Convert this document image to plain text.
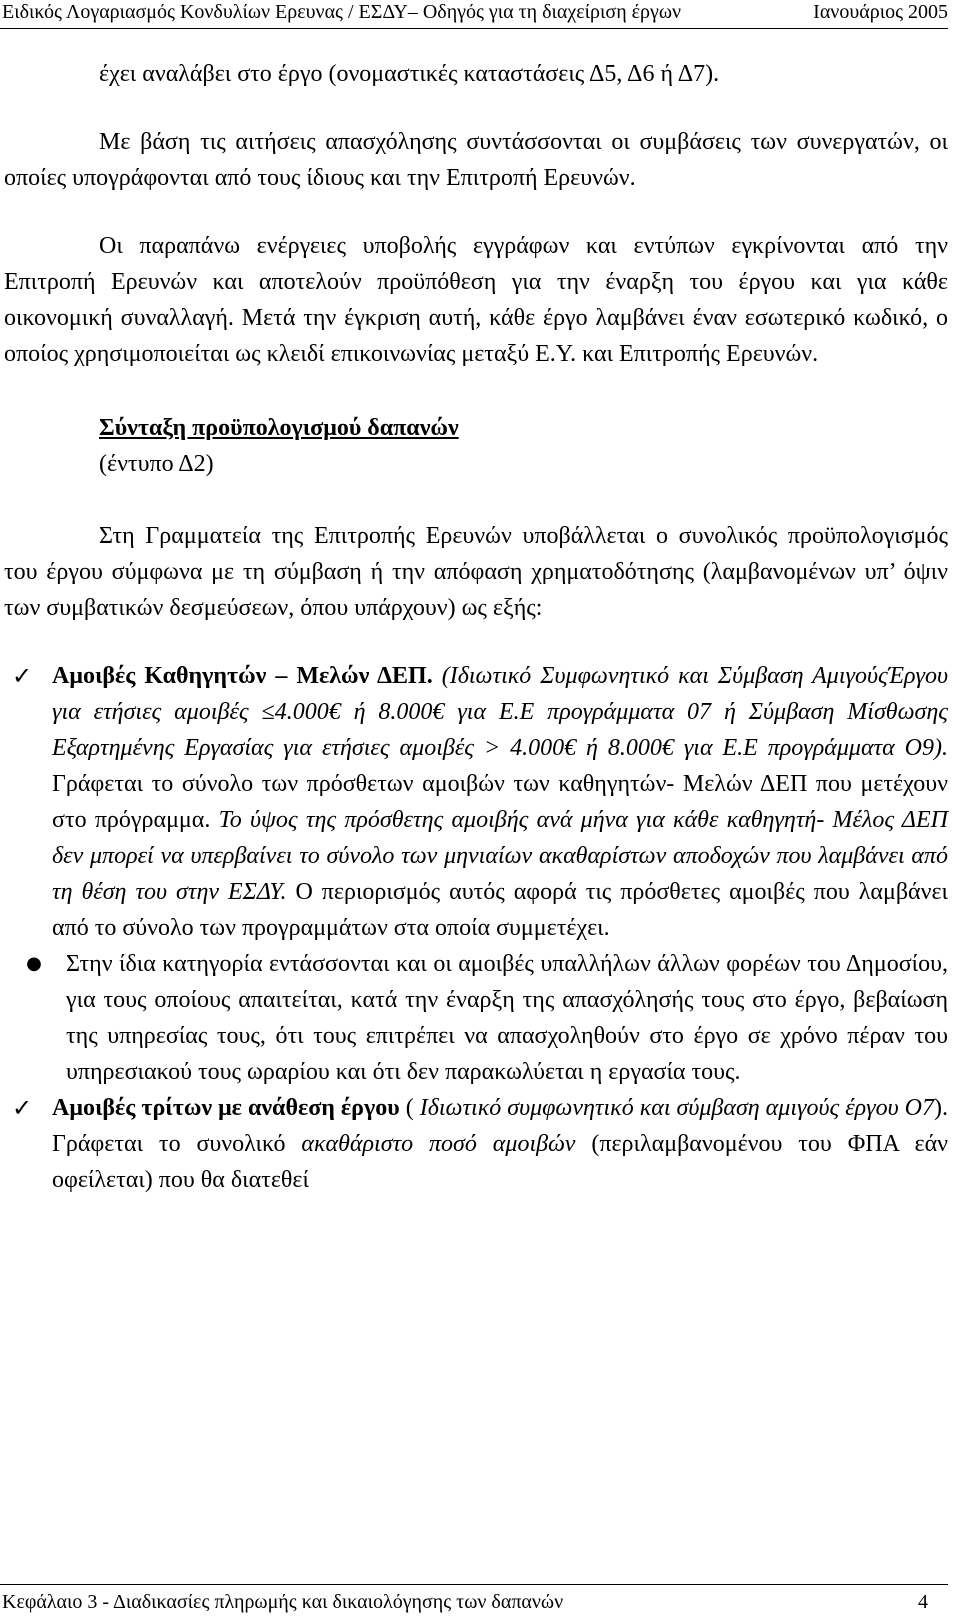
Ειδικός Λογαριασμός Κονδυλίων Ερευνας / ΕΣΔΥ– Οδηγός για τη διαχείριση έργων	Ιανουάριος 2005

έχει αναλάβει στο έργο (ονομαστικές καταστάσεις Δ5, Δ6 ή Δ7).

Με βάση τις αιτήσεις απασχόλησης συντάσσονται οι συμβάσεις των συνεργατών, οι οποίες υπογράφονται από τους ίδιους και την Επιτροπή Ερευνών.

Οι παραπάνω ενέργειες υποβολής εγγράφων και εντύπων εγκρίνονται από την Επιτροπή Ερευνών και αποτελούν προϋπόθεση για την έναρξη του έργου και για κάθε οικονομική συναλλαγή. Μετά την έγκριση αυτή, κάθε έργο λαμβάνει έναν εσωτερικό κωδικό, ο οποίος χρησιμοποιείται ως κλειδί επικοινωνίας μεταξύ Ε.Υ. και Επιτροπής Ερευνών.

Σύνταξη προϋπολογισμού δαπανών
(έντυπο Δ2)

Στη Γραμματεία της Επιτροπής Ερευνών υποβάλλεται ο συνολικός προϋπολογισμός του έργου σύμφωνα με τη σύμβαση ή την απόφαση χρηματοδότησης (λαμβανομένων υπ’ όψιν των συμβατικών δεσμεύσεων, όπου υπάρχουν) ως εξής:

✓ Αμοιβές Καθηγητών – Μελών ΔΕΠ. (Ιδιωτικό Συμφωνητικό και Σύμβαση ΑμιγούςΈργου για ετήσιες αμοιβές ≤4.000€ ή 8.000€ για Ε.Ε προγράμματα 07 ή Σύμβαση Μίσθωσης Εξαρτημένης Εργασίας για ετήσιες αμοιβές > 4.000€ ή 8.000€ για Ε.Ε προγράμματα Ο9). Γράφεται το σύνολο των πρόσθετων αμοιβών των καθηγητών- Μελών ΔΕΠ που μετέχουν στο πρόγραμμα. Το ύψος της πρόσθετης αμοιβής ανά μήνα για κάθε καθηγητή- Μέλος ΔΕΠ δεν μπορεί να υπερβαίνει το σύνολο των μηνιαίων ακαθαρίστων αποδοχών που λαμβάνει από τη θέση του στην ΕΣΔΥ. Ο περιορισμός αυτός αφορά τις πρόσθετες αμοιβές που λαμβάνει από το σύνολο των προγραμμάτων στα οποία συμμετέχει.
●	Στην ίδια κατηγορία εντάσσονται και οι αμοιβές υπαλλήλων άλλων φορέων του Δημοσίου, για τους οποίους απαιτείται, κατά την έναρξη της απασχόλησής τους στο έργο, βεβαίωση της υπηρεσίας τους, ότι τους επιτρέπει να απασχοληθούν στο έργο σε χρόνο πέραν του υπηρεσιακού τους ωραρίου και ότι δεν παρακωλύεται η εργασία τους.
✓ Αμοιβές τρίτων με ανάθεση έργου ( Ιδιωτικό συμφωνητικό και σύμβαση αμιγούς έργου Ο7). Γράφεται το συνολικό ακαθάριστο ποσό αμοιβών (περιλαμβανομένου του ΦΠΑ εάν οφείλεται) που θα διατεθεί
Κεφάλαιο 3 - Διαδικασίες πληρωμής και δικαιολόγησης των δαπανών	4
